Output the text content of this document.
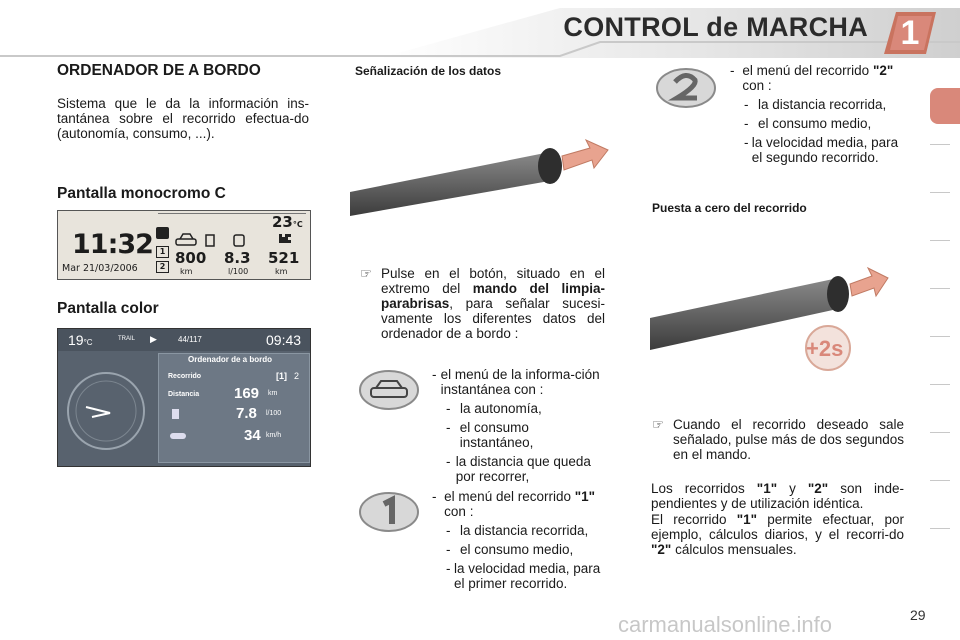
CONTROL de MARCHA 1
ORDENADOR DE A BORDO
Sistema que le da la información ins-tantánea sobre el recorrido efectua-do (autonomía, consumo, ...).
Pantalla monocromo C
23°C
11:32
Mar 21/03/2006
1
2 800 8.3 521
km	l/100	km
Pantalla color
19°C	TRAIL ▶	44/117	09:43
Ordenador de a bordo
Recorrido	[1] 2
Distancia 169 km
7.8 l/100
34 km/h
Señalización de los datos
☞ Pulse en el botón, situado en el extremo del mando del limpia-parabrisas, para señalar sucesi-vamente los diferentes datos del ordenador de a bordo :
- el menú de la informa-ción instantánea con :
- la autonomía,
- el consumo instantáneo,
- la distancia que queda por recorrer,
- el menú del recorrido "1" con :
- la distancia recorrida,
- el consumo medio,
- la velocidad media, para el primer recorrido.
- el menú del recorrido "2" con :
- la distancia recorrida,
- el consumo medio,
- la velocidad media, para el segundo recorrido.
Puesta a cero del recorrido
+2s
☞ Cuando el recorrido deseado sale señalado, pulse más de dos segundos en el mando.
Los recorridos "1" y "2" son inde-pendientes y de utilización idéntica.
El recorrido "1" permite efectuar, por ejemplo, cálculos diarios, y el recorri-do "2" cálculos mensuales.
29
carmanualsonline.info
